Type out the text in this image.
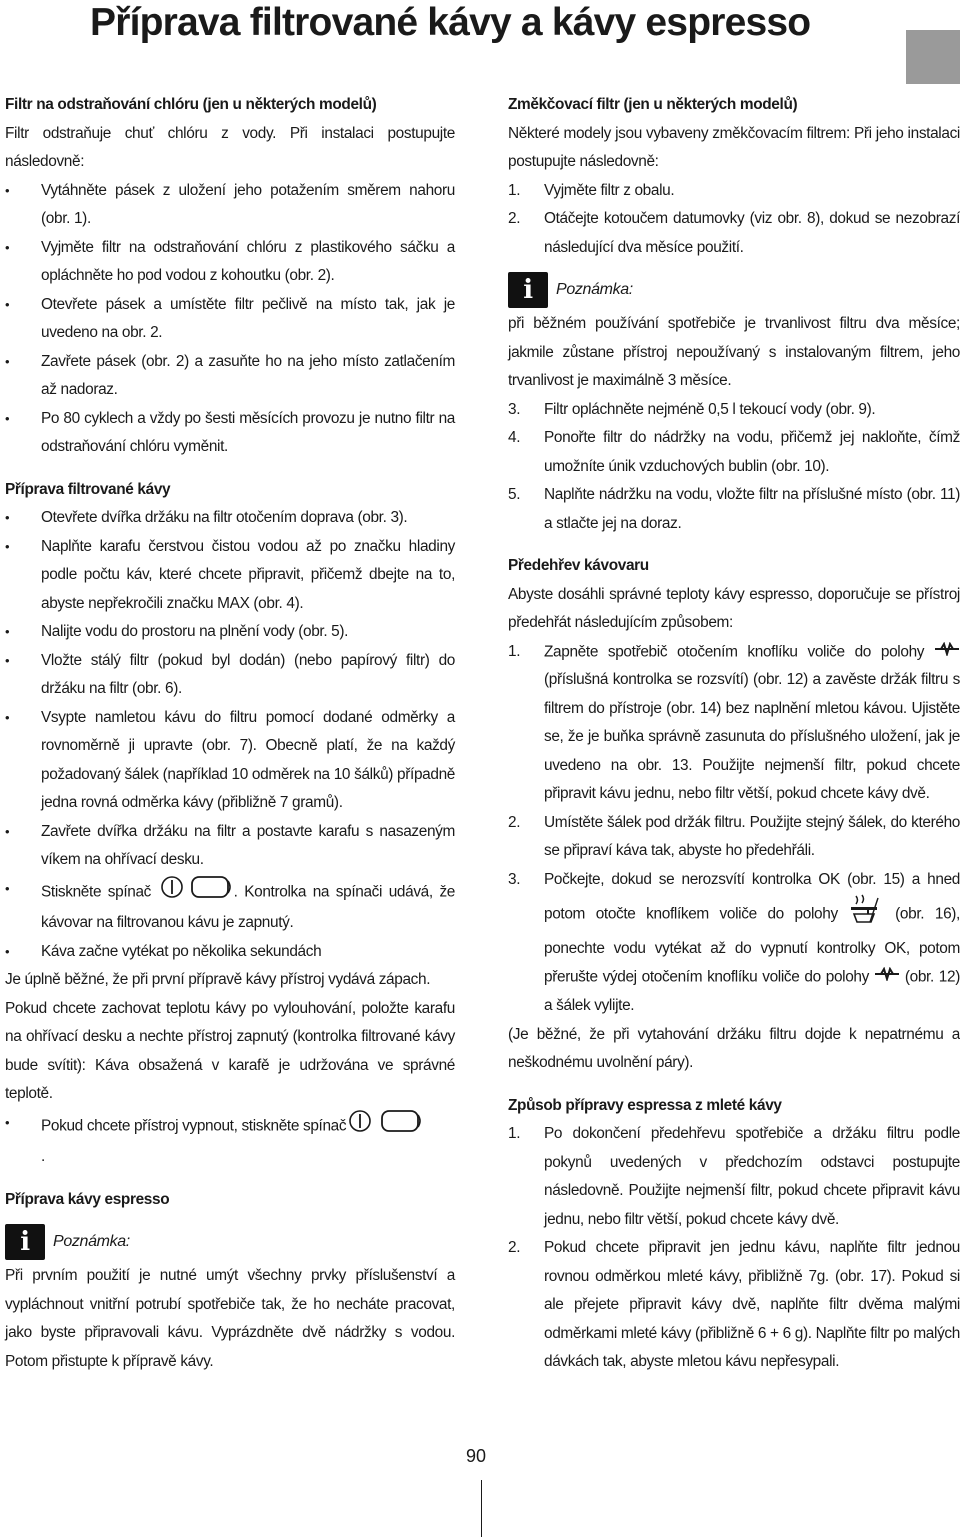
Příprava filtrované kávy a kávy espresso
Filtr na odstraňování chlóru (jen u některých modelů)
Filtr odstraňuje chuť chlóru z vody. Při instalaci postupujte následovně:
• Vytáhněte pásek z uložení jeho potažením směrem nahoru (obr. 1).
• Vyjměte filtr na odstraňování chlóru z plastikového sáčku a opláchněte ho pod vodou z kohoutku (obr. 2).
• Otevřete pásek a umístěte filtr pečlivě na místo tak, jak je uvedeno na obr. 2.
• Zavřete pásek (obr. 2) a zasuňte ho na jeho místo zatlačením až nadoraz.
• Po 80 cyklech a vždy po šesti měsících provozu je nutno filtr na odstraňování chlóru vyměnit.
Příprava filtrované kávy
• Otevřete dvířka držáku na filtr otočením doprava (obr. 3).
• Naplňte karafu čerstvou čistou vodou až po značku hladiny podle počtu káv, které chcete připravit, přičemž dbejte na to, abyste nepřekročili značku MAX (obr. 4).
• Nalijte vodu do prostoru na plnění vody (obr. 5).
• Vložte stálý filtr (pokud byl dodán) (nebo papírový filtr) do držáku na filtr (obr. 6).
• Vsypte namletou kávu do filtru pomocí dodané odměrky a rovnoměrně ji upravte (obr. 7). Obecně platí, že na každý požadovaný šálek (například 10 odměrek na 10 šálků) případně jedna rovná odměrka kávy (přibližně 7 gramů).
• Zavřete dvířka držáku na filtr a postavte karafu s nasazeným víkem na ohřívací desku.
• Stiskněte spínač	. Kontrolka na spínači udává, že kávovar na filtrovanou kávu je zapnutý.
• Káva začne vytékat po několika sekundách
Je úplně běžné, že při první přípravě kávy přístroj vydává zápach.
Pokud chcete zachovat teplotu kávy po vylouhování, položte karafu na ohřívací desku a nechte přístroj zapnutý (kontrolka filtrované kávy bude svítit): Káva obsažená v karafě je udržována ve správné teplotě.
• Pokud chcete přístroj vypnout, stiskněte spínač
.
Příprava kávy espresso
i	Poznámka:
Při prvním použití je nutné umýt všechny prvky příslušenství a vypláchnout vnitřní potrubí spotřebiče tak, že ho necháte pracovat, jako byste připravovali kávu. Vyprázdněte dvě nádržky s vodou. Potom přistupte k přípravě kávy.
Změkčovací filtr (jen u některých modelů)
Některé modely jsou vybaveny změkčovacím filtrem: Při jeho instalaci postupujte následovně:
1. Vyjměte filtr z obalu.
2. Otáčejte kotoučem datumovky (viz obr. 8), dokud se nezobrazí následující dva měsíce použití.
i	Poznámka:
při běžném používání spotřebiče je trvanlivost filtru dva měsíce; jakmile zůstane přístroj nepoužívaný s instalovaným filtrem, jeho trvanlivost je maximálně 3 měsíce.
3. Filtr opláchněte nejméně 0,5 l tekoucí vody (obr. 9).
4. Ponořte filtr do nádržky na vodu, přičemž jej nakloňte, čímž umožníte únik vzduchových bublin (obr. 10).
5. Naplňte nádržku na vodu, vložte filtr na příslušné místo (obr. 11) a stlačte jej na doraz.
Předehřev kávovaru
Abyste dosáhli správné teploty kávy espresso, doporučuje se přístroj předehřát následujícím způsobem:
1. Zapněte spotřebič otočením knoflíku voliče do polohy  (příslušná kontrolka se rozsvítí) (obr. 12) a zavěste držák filtru s filtrem do přístroje (obr. 14) bez naplnění mletou kávou. Ujistěte se, že je buňka správně zasunuta do příslušného uložení, jak je uvedeno na obr. 13. Použijte nejmenší filtr, pokud chcete připravit kávu jednu, nebo filtr větší, pokud chcete kávy dvě.
2. Umístěte šálek pod držák filtru. Použijte stejný šálek, do kterého se připraví káva tak, abyste ho předehřáli.
3. Počkejte, dokud se nerozsvítí kontrolka OK (obr. 15) a hned potom otočte knoflíkem voliče do polohy	(obr. 16), ponechte vodu vytékat až do vypnutí kontrolky OK, potom přerušte výdej otočením knoflíku voliče do polohy (obr. 12) a šálek vylijte.
(Je běžné, že při vytahování držáku filtru dojde k nepatrnému a neškodnému uvolnění páry).
Způsob přípravy espressa z mleté kávy
1. Po dokončení předehřevu spotřebiče a držáku filtru podle pokynů uvedených v předchozím odstavci postupujte následovně. Použijte nejmenší filtr, pokud chcete připravit kávu jednu, nebo filtr větší, pokud chcete kávy dvě.
2. Pokud chcete připravit jen jednu kávu, naplňte filtr jednou rovnou odměrkou mleté kávy, přibližně 7g. (obr. 17). Pokud si ale přejete připravit kávy dvě, naplňte filtr dvěma malými odměrkami mleté kávy (přibližně 6 + 6 g). Naplňte filtr po malých dávkách tak, abyste mletou kávu nepřesypali.
90
